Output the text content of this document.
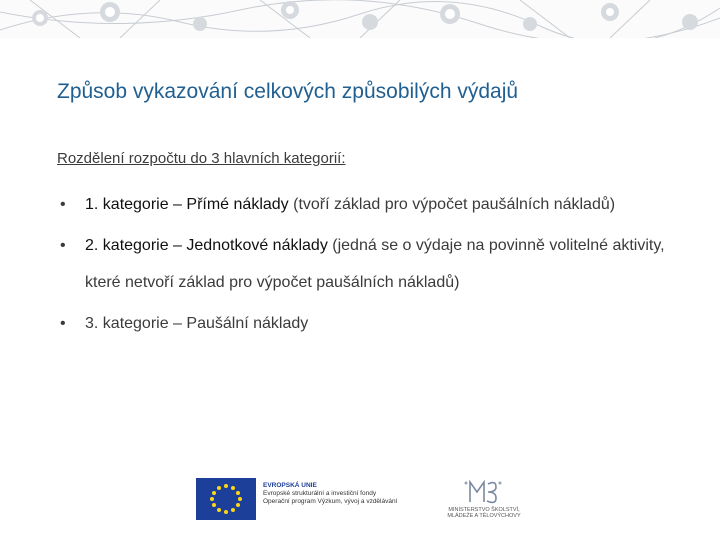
Způsob vykazování celkových způsobilých výdajů
Rozdělení rozpočtu do 3 hlavních kategorií:
• 1. kategorie – Přímé náklady (tvoří základ pro výpočet paušálních nákladů)
• 2. kategorie – Jednotkové náklady (jedná se o výdaje na povinně volitelné aktivity, které netvoří základ pro výpočet paušálních nákladů)
• 3. kategorie – Paušální náklady
EVROPSKÁ UNIE
Evropské strukturální a investiční fondy
Operační program Výzkum, vývoj a vzdělávání
MINISTERSTVO ŠKOLSTVÍ,
MLÁDEŽE A TĚLOVÝCHOVY
